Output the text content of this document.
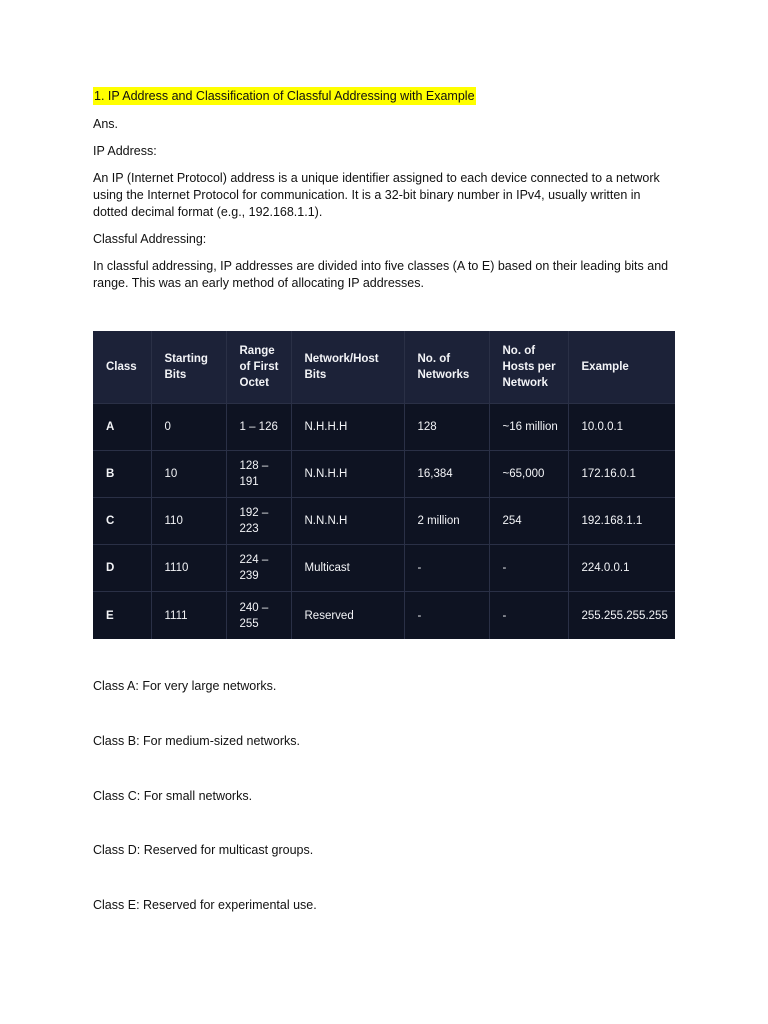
1. IP Address and Classification of Classful Addressing with Example

Ans.

IP Address:

An IP (Internet Protocol) address is a unique identifier assigned to each device connected to a network using the Internet Protocol for communication. It is a 32-bit binary number in IPv4, usually written in dotted decimal format (e.g., 192.168.1.1).

Classful Addressing:

In classful addressing, IP addresses are divided into five classes (A to E) based on their leading bits and range. This was an early method of allocating IP addresses.

Class	Starting Bits	Range of First Octet	Network/Host Bits	No. of Networks	No. of Hosts per Network	Example
A	0	1 – 126	N.H.H.H	128	~16 million	10.0.0.1
B	10	128 – 191	N.N.H.H	16,384	~65,000	172.16.0.1
C	110	192 – 223	N.N.N.H	2 million	254	192.168.1.1
D	1110	224 – 239	Multicast	-	-	224.0.0.1
E	1111	240 – 255	Reserved	-	-	255.255.255.255

Class A: For very large networks.

Class B: For medium-sized networks.

Class C: For small networks.

Class D: Reserved for multicast groups.

Class E: Reserved for experimental use.
